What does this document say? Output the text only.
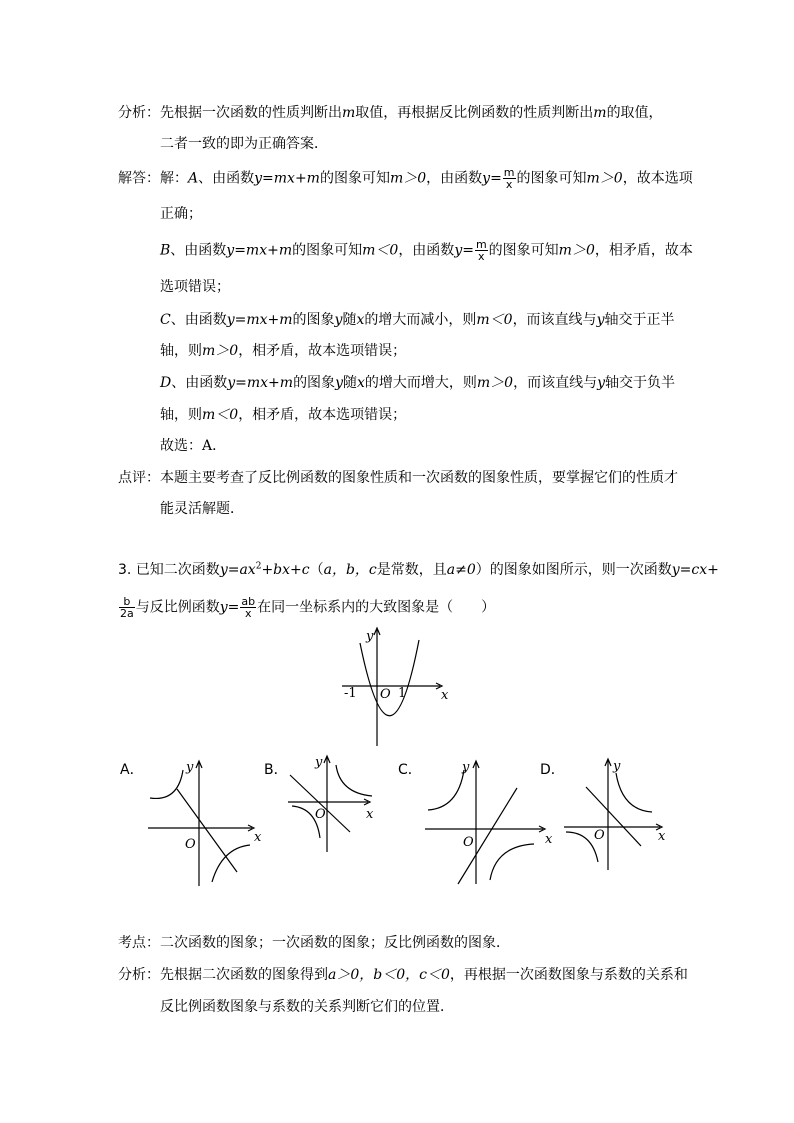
分析：先根据一次函数的性质判断出m取值，再根据反比例函数的性质判断出m的取值，
二者一致的即为正确答案．
解答：解：A、由函数y=mx+m的图象可知m＞0，由函数$y= \frac{m}{x}$ 的图象可知m＞0，故本选项
正确；
B、由函数y=mx+m的图象可知m＜0，由函数$y= \frac{m}{x}$ 的图象可知m＞0，相矛盾，故本
选项错误；
C、由函数y=mx+m的图象y随x的增大而减小，则m＜0，而该直线与y轴交于正半
轴，则m＞0，相矛盾，故本选项错误；
D、由函数y=mx+m的图象y随x的增大而增大，则m＞0，而该直线与y轴交于负半
轴，则m＜0，相矛盾，故本选项错误；
故选：A．
点评：本题主要考查了反比例函数的图象性质和一次函数的图象性质，要掌握它们的性质才
能灵活解题．
3. 已知二次函数$y=ax^2+bx+c(a$，b，c是常数，且a≠0）的图象如图所示，则一次函数y=cx+
$\frac{b}{2a}$ 与反比例函数$y= \frac{ab}{x}$ 在同一坐标系内的大致图象是（　　）
y
x
O
-1	1
y
x
O
y
x
O
y
x
O
y
x
O
A．	B．	C．	D．
考点：二次函数的图象；一次函数的图象；反比例函数的图象．
分析：先根据二次函数的图象得到a＞0，b＜0，c＜0，再根据一次函数图象与系数的关系和
反比例函数图象与系数的关系判断它们的位置．
